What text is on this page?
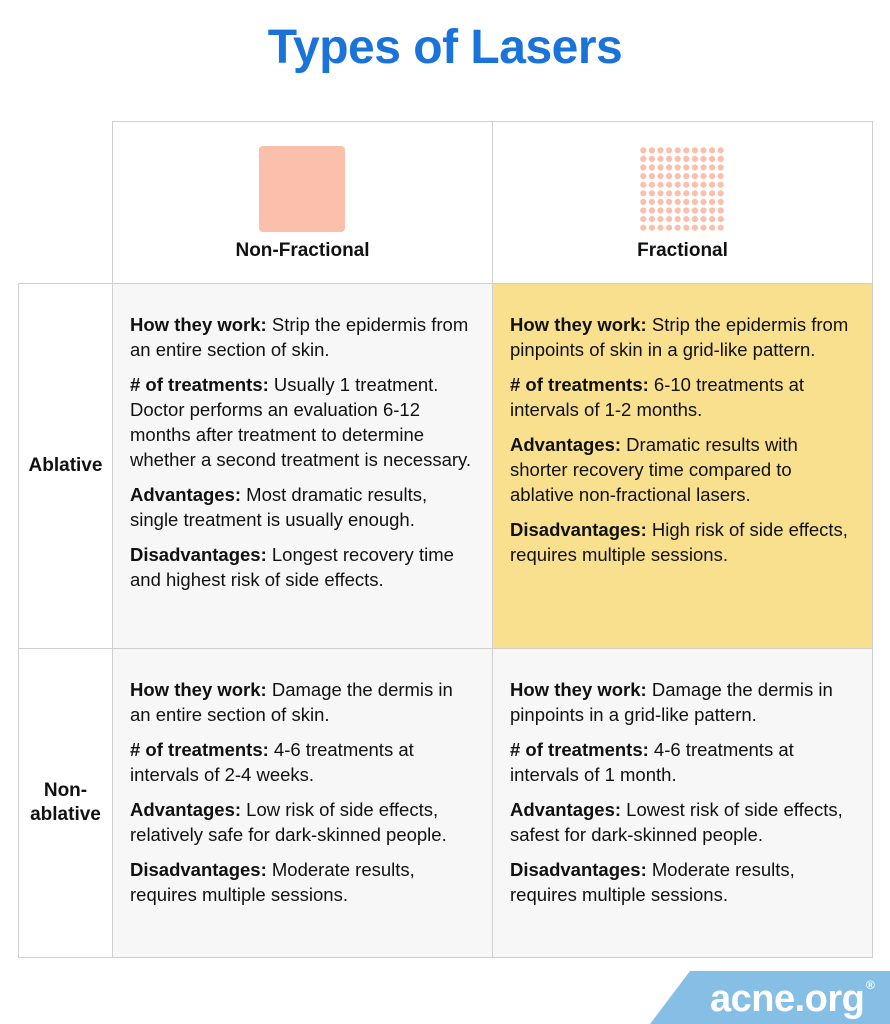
Types of Lasers
Non-Fractional	Fractional
Ablative
Non-
ablative

How they work: Strip the epidermis from an entire section of skin.

# of treatments: Usually 1 treatment. Doctor performs an evaluation 6-12 months after treatment to determine whether a second treatment is necessary.

Advantages: Most dramatic results, single treatment is usually enough.

Disadvantages: Longest recovery time and highest risk of side effects.

How they work: Strip the epidermis from pinpoints of skin in a grid-like pattern.

# of treatments: 6-10 treatments at intervals of 1-2 months.

Advantages: Dramatic results with shorter recovery time compared to ablative non-fractional lasers.

Disadvantages: High risk of side effects, requires multiple sessions.

How they work: Damage the dermis in an entire section of skin.

# of treatments: 4-6 treatments at intervals of 2-4 weeks.

Advantages: Low risk of side effects, relatively safe for dark-skinned people.

Disadvantages: Moderate results, requires multiple sessions.

How they work: Damage the dermis in pinpoints in a grid-like pattern.

# of treatments: 4-6 treatments at intervals of 1 month.

Advantages: Lowest risk of side effects, safest for dark-skinned people.

Disadvantages: Moderate results, requires multiple sessions.

acne.org ®
